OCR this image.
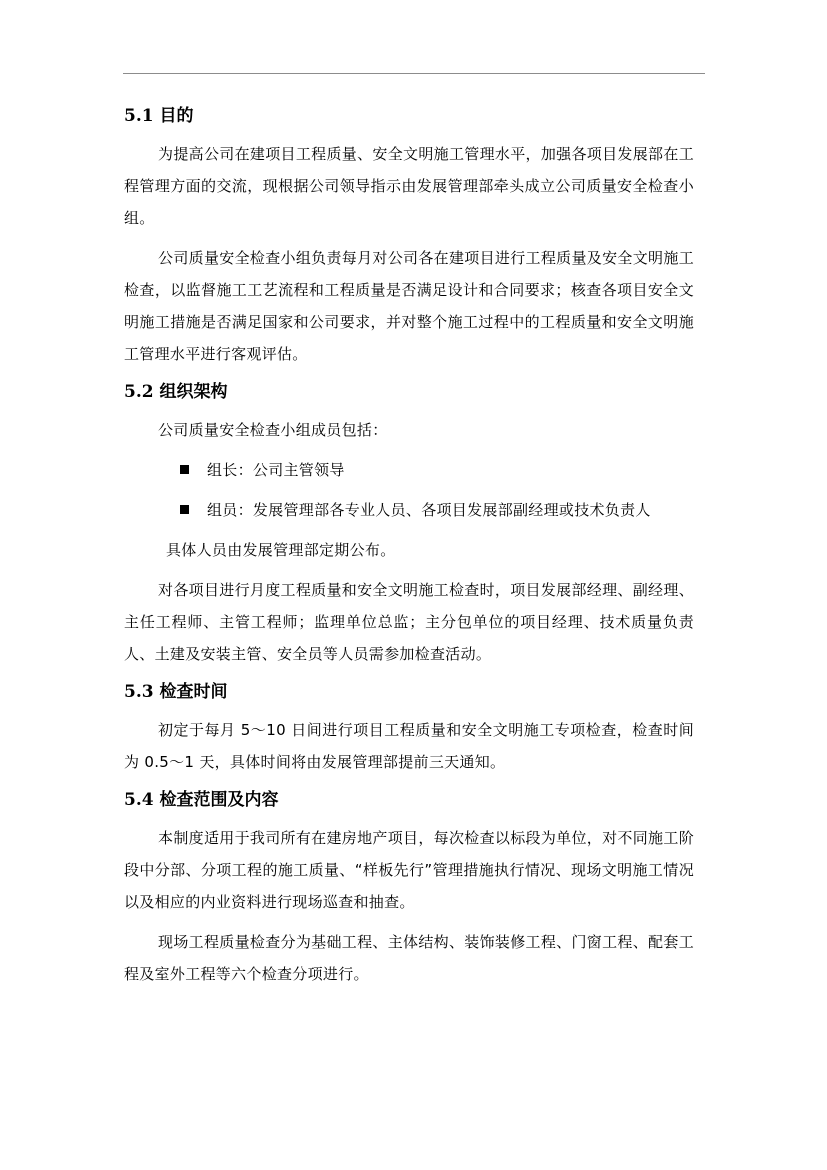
5.1 目的

为提高公司在建项目工程质量、安全文明施工管理水平，加强各项目发展部在工程管理方面的交流，现根据公司领导指示由发展管理部牵头成立公司质量安全检查小组。

公司质量安全检查小组负责每月对公司各在建项目进行工程质量及安全文明施工检查，以监督施工工艺流程和工程质量是否满足设计和合同要求；核查各项目安全文明施工措施是否满足国家和公司要求，并对整个施工过程中的工程质量和安全文明施工管理水平进行客观评估。

5.2 组织架构

公司质量安全检查小组成员包括：

组长：公司主管领导
组员：发展管理部各专业人员、各项目发展部副经理或技术负责人

具体人员由发展管理部定期公布。

对各项目进行月度工程质量和安全文明施工检查时，项目发展部经理、副经理、主任工程师、主管工程师；监理单位总监；主分包单位的项目经理、技术质量负责人、土建及安装主管、安全员等人员需参加检查活动。

5.3 检查时间

初定于每月 5～10 日间进行项目工程质量和安全文明施工专项检查，检查时间为 0.5～1 天，具体时间将由发展管理部提前三天通知。

5.4 检查范围及内容

本制度适用于我司所有在建房地产项目，每次检查以标段为单位，对不同施工阶段中分部、分项工程的施工质量、“样板先行”管理措施执行情况、现场文明施工情况以及相应的内业资料进行现场巡查和抽查。

现场工程质量检查分为基础工程、主体结构、装饰装修工程、门窗工程、配套工程及室外工程等六个检查分项进行。
